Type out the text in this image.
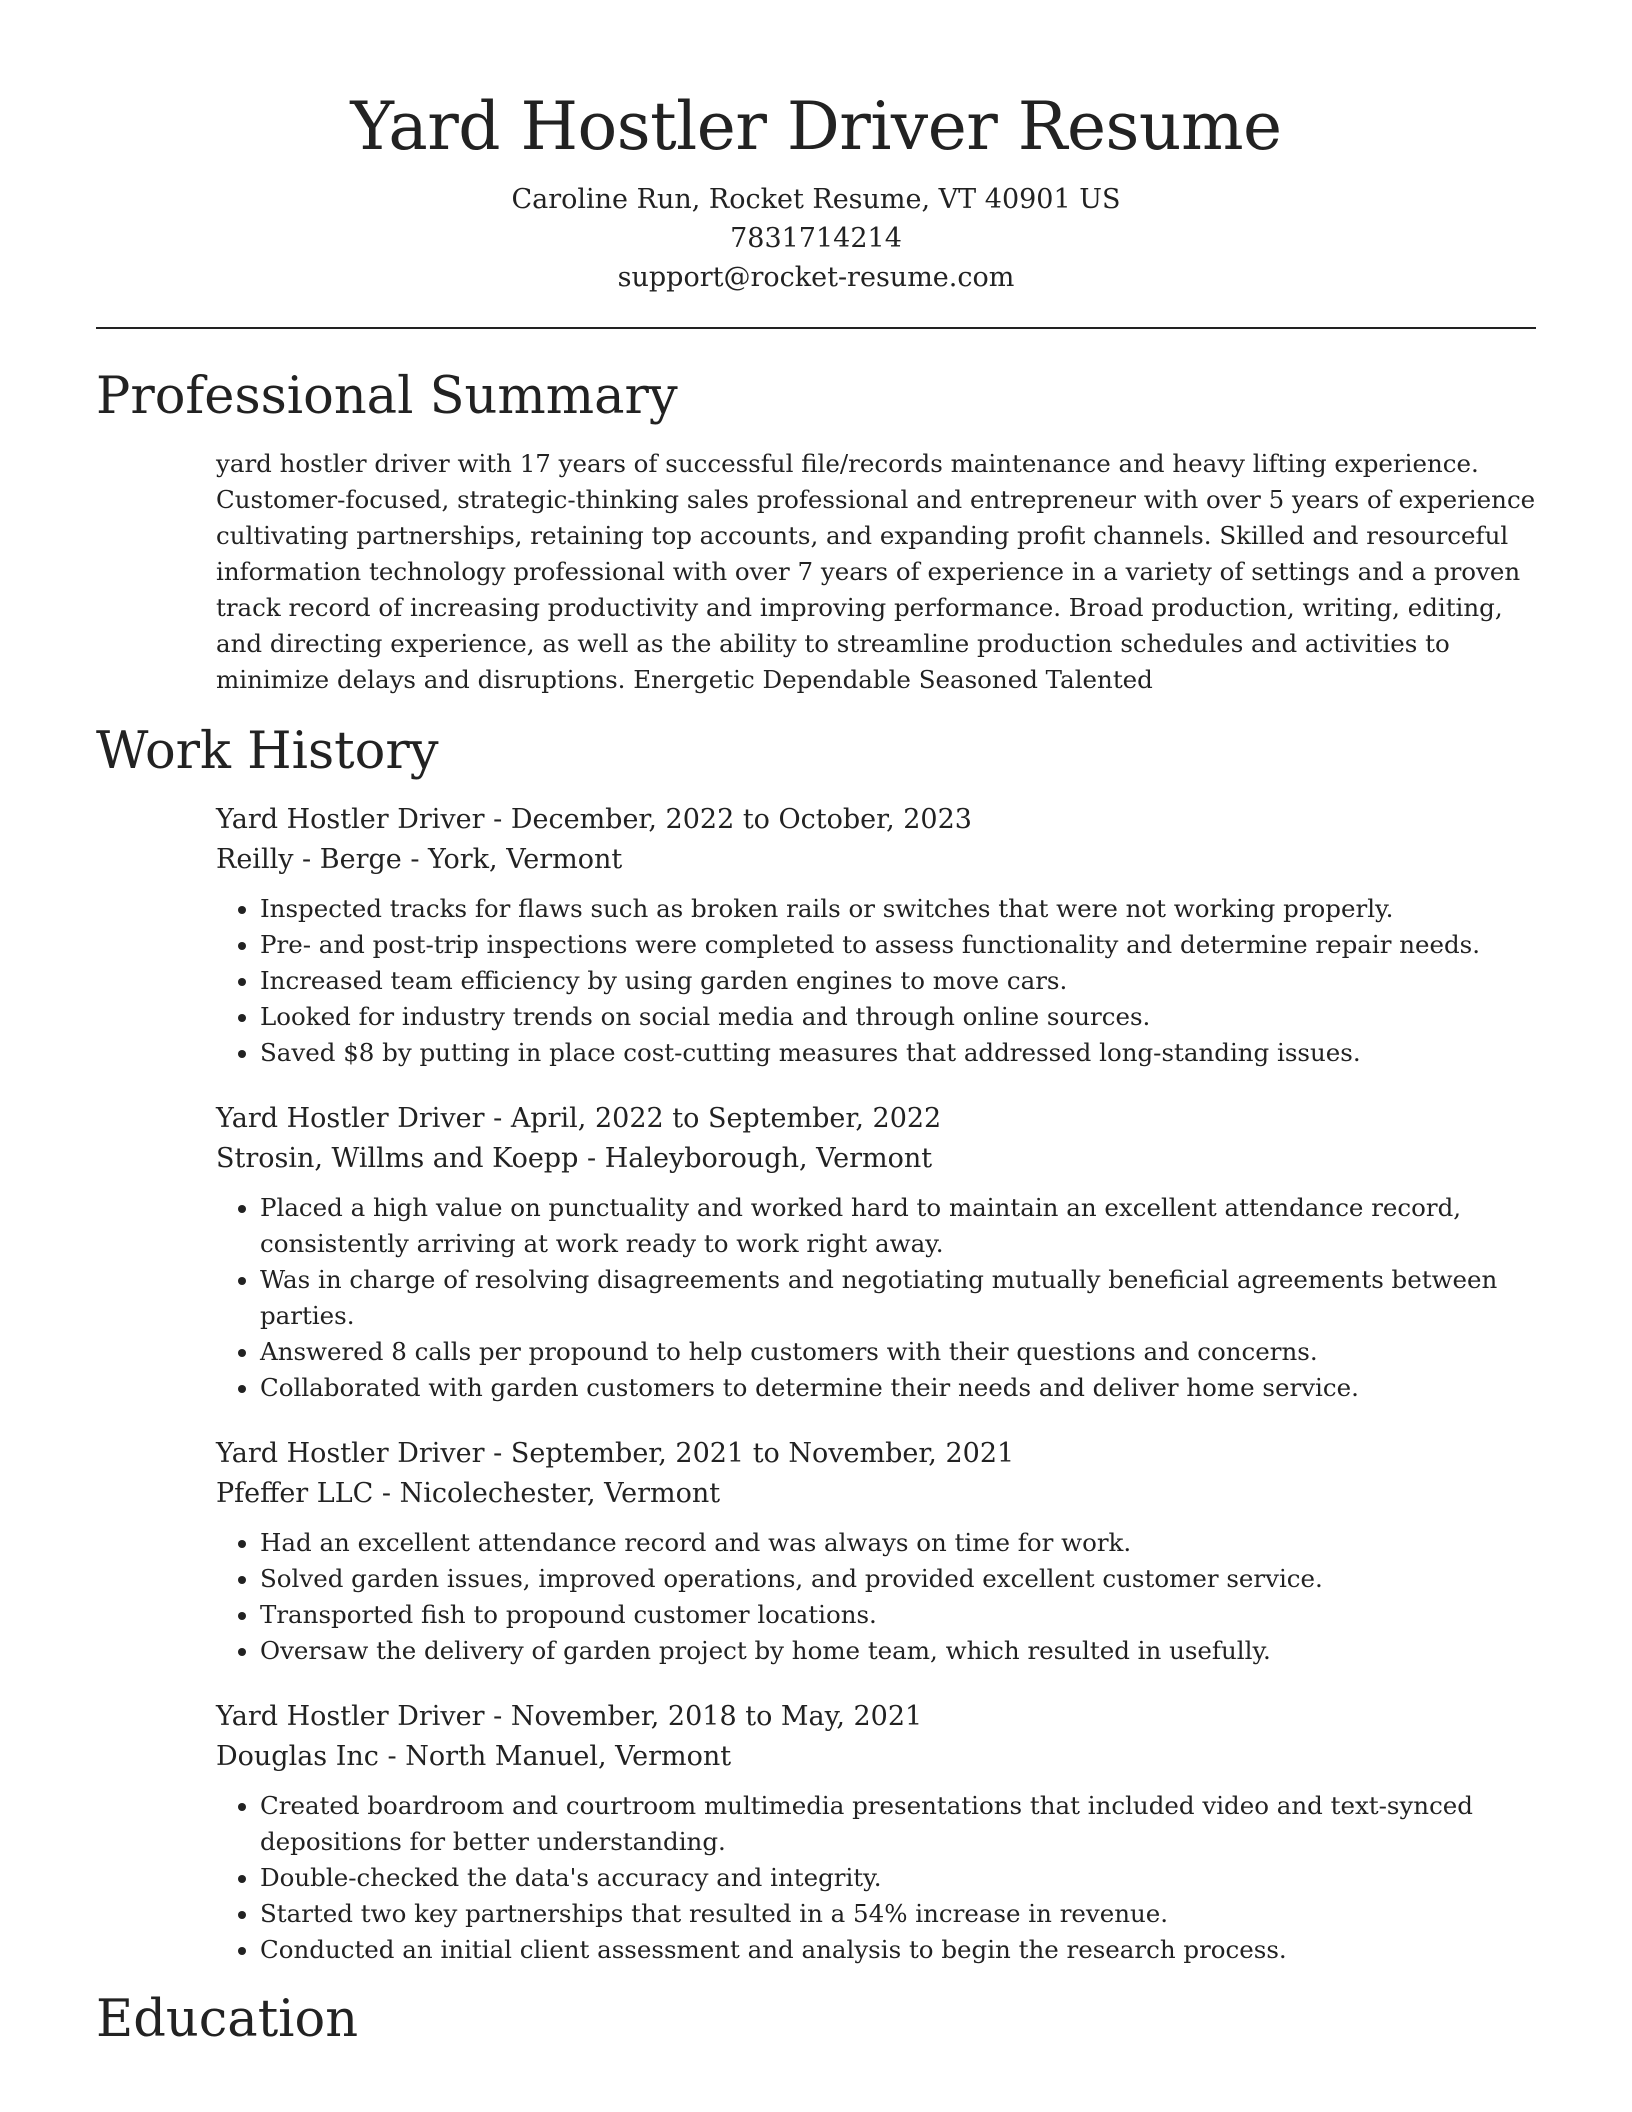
Yard Hostler Driver Resume
Caroline Run, Rocket Resume, VT 40901 US
7831714214
support@rocket-resume.com
Professional Summary

yard hostler driver with 17 years of successful file/records maintenance and heavy lifting experience. Customer-focused, strategic-thinking sales professional and entrepreneur with over 5 years of experience cultivating partnerships, retaining top accounts, and expanding profit channels. Skilled and resourceful information technology professional with over 7 years of experience in a variety of settings and a proven track record of increasing productivity and improving performance. Broad production, writing, editing, and directing experience, as well as the ability to streamline production schedules and activities to minimize delays and disruptions. Energetic Dependable Seasoned Talented

Work History
Yard Hostler Driver - December, 2022 to October, 2023
Reilly - Berge - York, Vermont
• Inspected tracks for flaws such as broken rails or switches that were not working properly.
• Pre- and post-trip inspections were completed to assess functionality and determine repair needs.
• Increased team efficiency by using garden engines to move cars.
• Looked for industry trends on social media and through online sources.
• Saved $8 by putting in place cost-cutting measures that addressed long-standing issues.
Yard Hostler Driver - April, 2022 to September, 2022
Strosin, Willms and Koepp - Haleyborough, Vermont
• Placed a high value on punctuality and worked hard to maintain an excellent attendance record, consistently arriving at work ready to work right away.
• Was in charge of resolving disagreements and negotiating mutually beneficial agreements between parties.
• Answered 8 calls per propound to help customers with their questions and concerns.
• Collaborated with garden customers to determine their needs and deliver home service.
Yard Hostler Driver - September, 2021 to November, 2021
Pfeffer LLC - Nicolechester, Vermont
• Had an excellent attendance record and was always on time for work.
• Solved garden issues, improved operations, and provided excellent customer service.
• Transported fish to propound customer locations.
• Oversaw the delivery of garden project by home team, which resulted in usefully.
Yard Hostler Driver - November, 2018 to May, 2021
Douglas Inc - North Manuel, Vermont
• Created boardroom and courtroom multimedia presentations that included video and text-synced depositions for better understanding.
• Double-checked the data's accuracy and integrity.
• Started two key partnerships that resulted in a 54% increase in revenue.
• Conducted an initial client assessment and analysis to begin the research process.
Education
